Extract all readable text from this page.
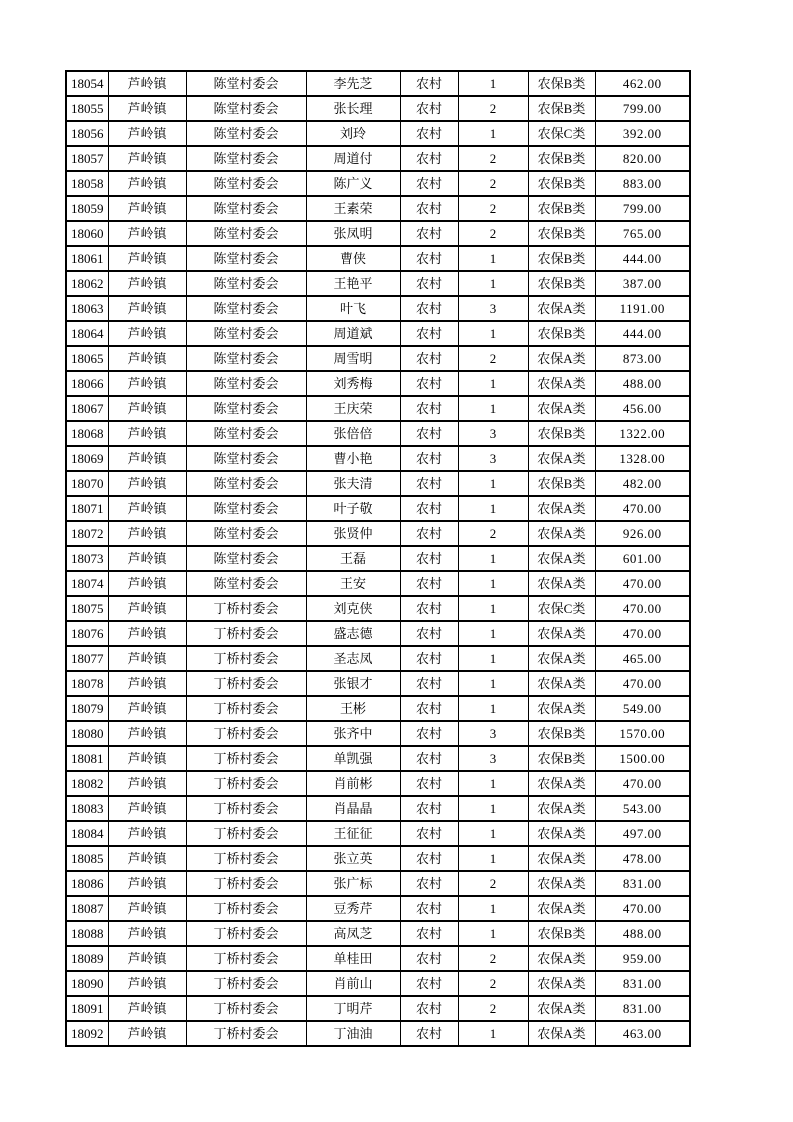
18054	芦岭镇	陈堂村委会	李先芝	农村	1	农保B类	462.00
18055	芦岭镇	陈堂村委会	张长理	农村	2	农保B类	799.00
18056	芦岭镇	陈堂村委会	刘玲	农村	1	农保C类	392.00
18057	芦岭镇	陈堂村委会	周道付	农村	2	农保B类	820.00
18058	芦岭镇	陈堂村委会	陈广义	农村	2	农保B类	883.00
18059	芦岭镇	陈堂村委会	王素荣	农村	2	农保B类	799.00
18060	芦岭镇	陈堂村委会	张凤明	农村	2	农保B类	765.00
18061	芦岭镇	陈堂村委会	曹侠	农村	1	农保B类	444.00
18062	芦岭镇	陈堂村委会	王艳平	农村	1	农保B类	387.00
18063	芦岭镇	陈堂村委会	叶飞	农村	3	农保A类	1191.00
18064	芦岭镇	陈堂村委会	周道斌	农村	1	农保B类	444.00
18065	芦岭镇	陈堂村委会	周雪明	农村	2	农保A类	873.00
18066	芦岭镇	陈堂村委会	刘秀梅	农村	1	农保A类	488.00
18067	芦岭镇	陈堂村委会	王庆荣	农村	1	农保A类	456.00
18068	芦岭镇	陈堂村委会	张倍倍	农村	3	农保B类	1322.00
18069	芦岭镇	陈堂村委会	曹小艳	农村	3	农保A类	1328.00
18070	芦岭镇	陈堂村委会	张夫清	农村	1	农保B类	482.00
18071	芦岭镇	陈堂村委会	叶子敬	农村	1	农保A类	470.00
18072	芦岭镇	陈堂村委会	张贤仲	农村	2	农保A类	926.00
18073	芦岭镇	陈堂村委会	王磊	农村	1	农保A类	601.00
18074	芦岭镇	陈堂村委会	王安	农村	1	农保A类	470.00
18075	芦岭镇	丁桥村委会	刘克侠	农村	1	农保C类	470.00
18076	芦岭镇	丁桥村委会	盛志德	农村	1	农保A类	470.00
18077	芦岭镇	丁桥村委会	圣志凤	农村	1	农保A类	465.00
18078	芦岭镇	丁桥村委会	张银才	农村	1	农保A类	470.00
18079	芦岭镇	丁桥村委会	王彬	农村	1	农保A类	549.00
18080	芦岭镇	丁桥村委会	张齐中	农村	3	农保B类	1570.00
18081	芦岭镇	丁桥村委会	单凯强	农村	3	农保B类	1500.00
18082	芦岭镇	丁桥村委会	肖前彬	农村	1	农保A类	470.00
18083	芦岭镇	丁桥村委会	肖晶晶	农村	1	农保A类	543.00
18084	芦岭镇	丁桥村委会	王征征	农村	1	农保A类	497.00
18085	芦岭镇	丁桥村委会	张立英	农村	1	农保A类	478.00
18086	芦岭镇	丁桥村委会	张广标	农村	2	农保A类	831.00
18087	芦岭镇	丁桥村委会	豆秀芹	农村	1	农保A类	470.00
18088	芦岭镇	丁桥村委会	高凤芝	农村	1	农保B类	488.00
18089	芦岭镇	丁桥村委会	单桂田	农村	2	农保A类	959.00
18090	芦岭镇	丁桥村委会	肖前山	农村	2	农保A类	831.00
18091	芦岭镇	丁桥村委会	丁明芹	农村	2	农保A类	831.00
18092	芦岭镇	丁桥村委会	丁油油	农村	1	农保A类	463.00
